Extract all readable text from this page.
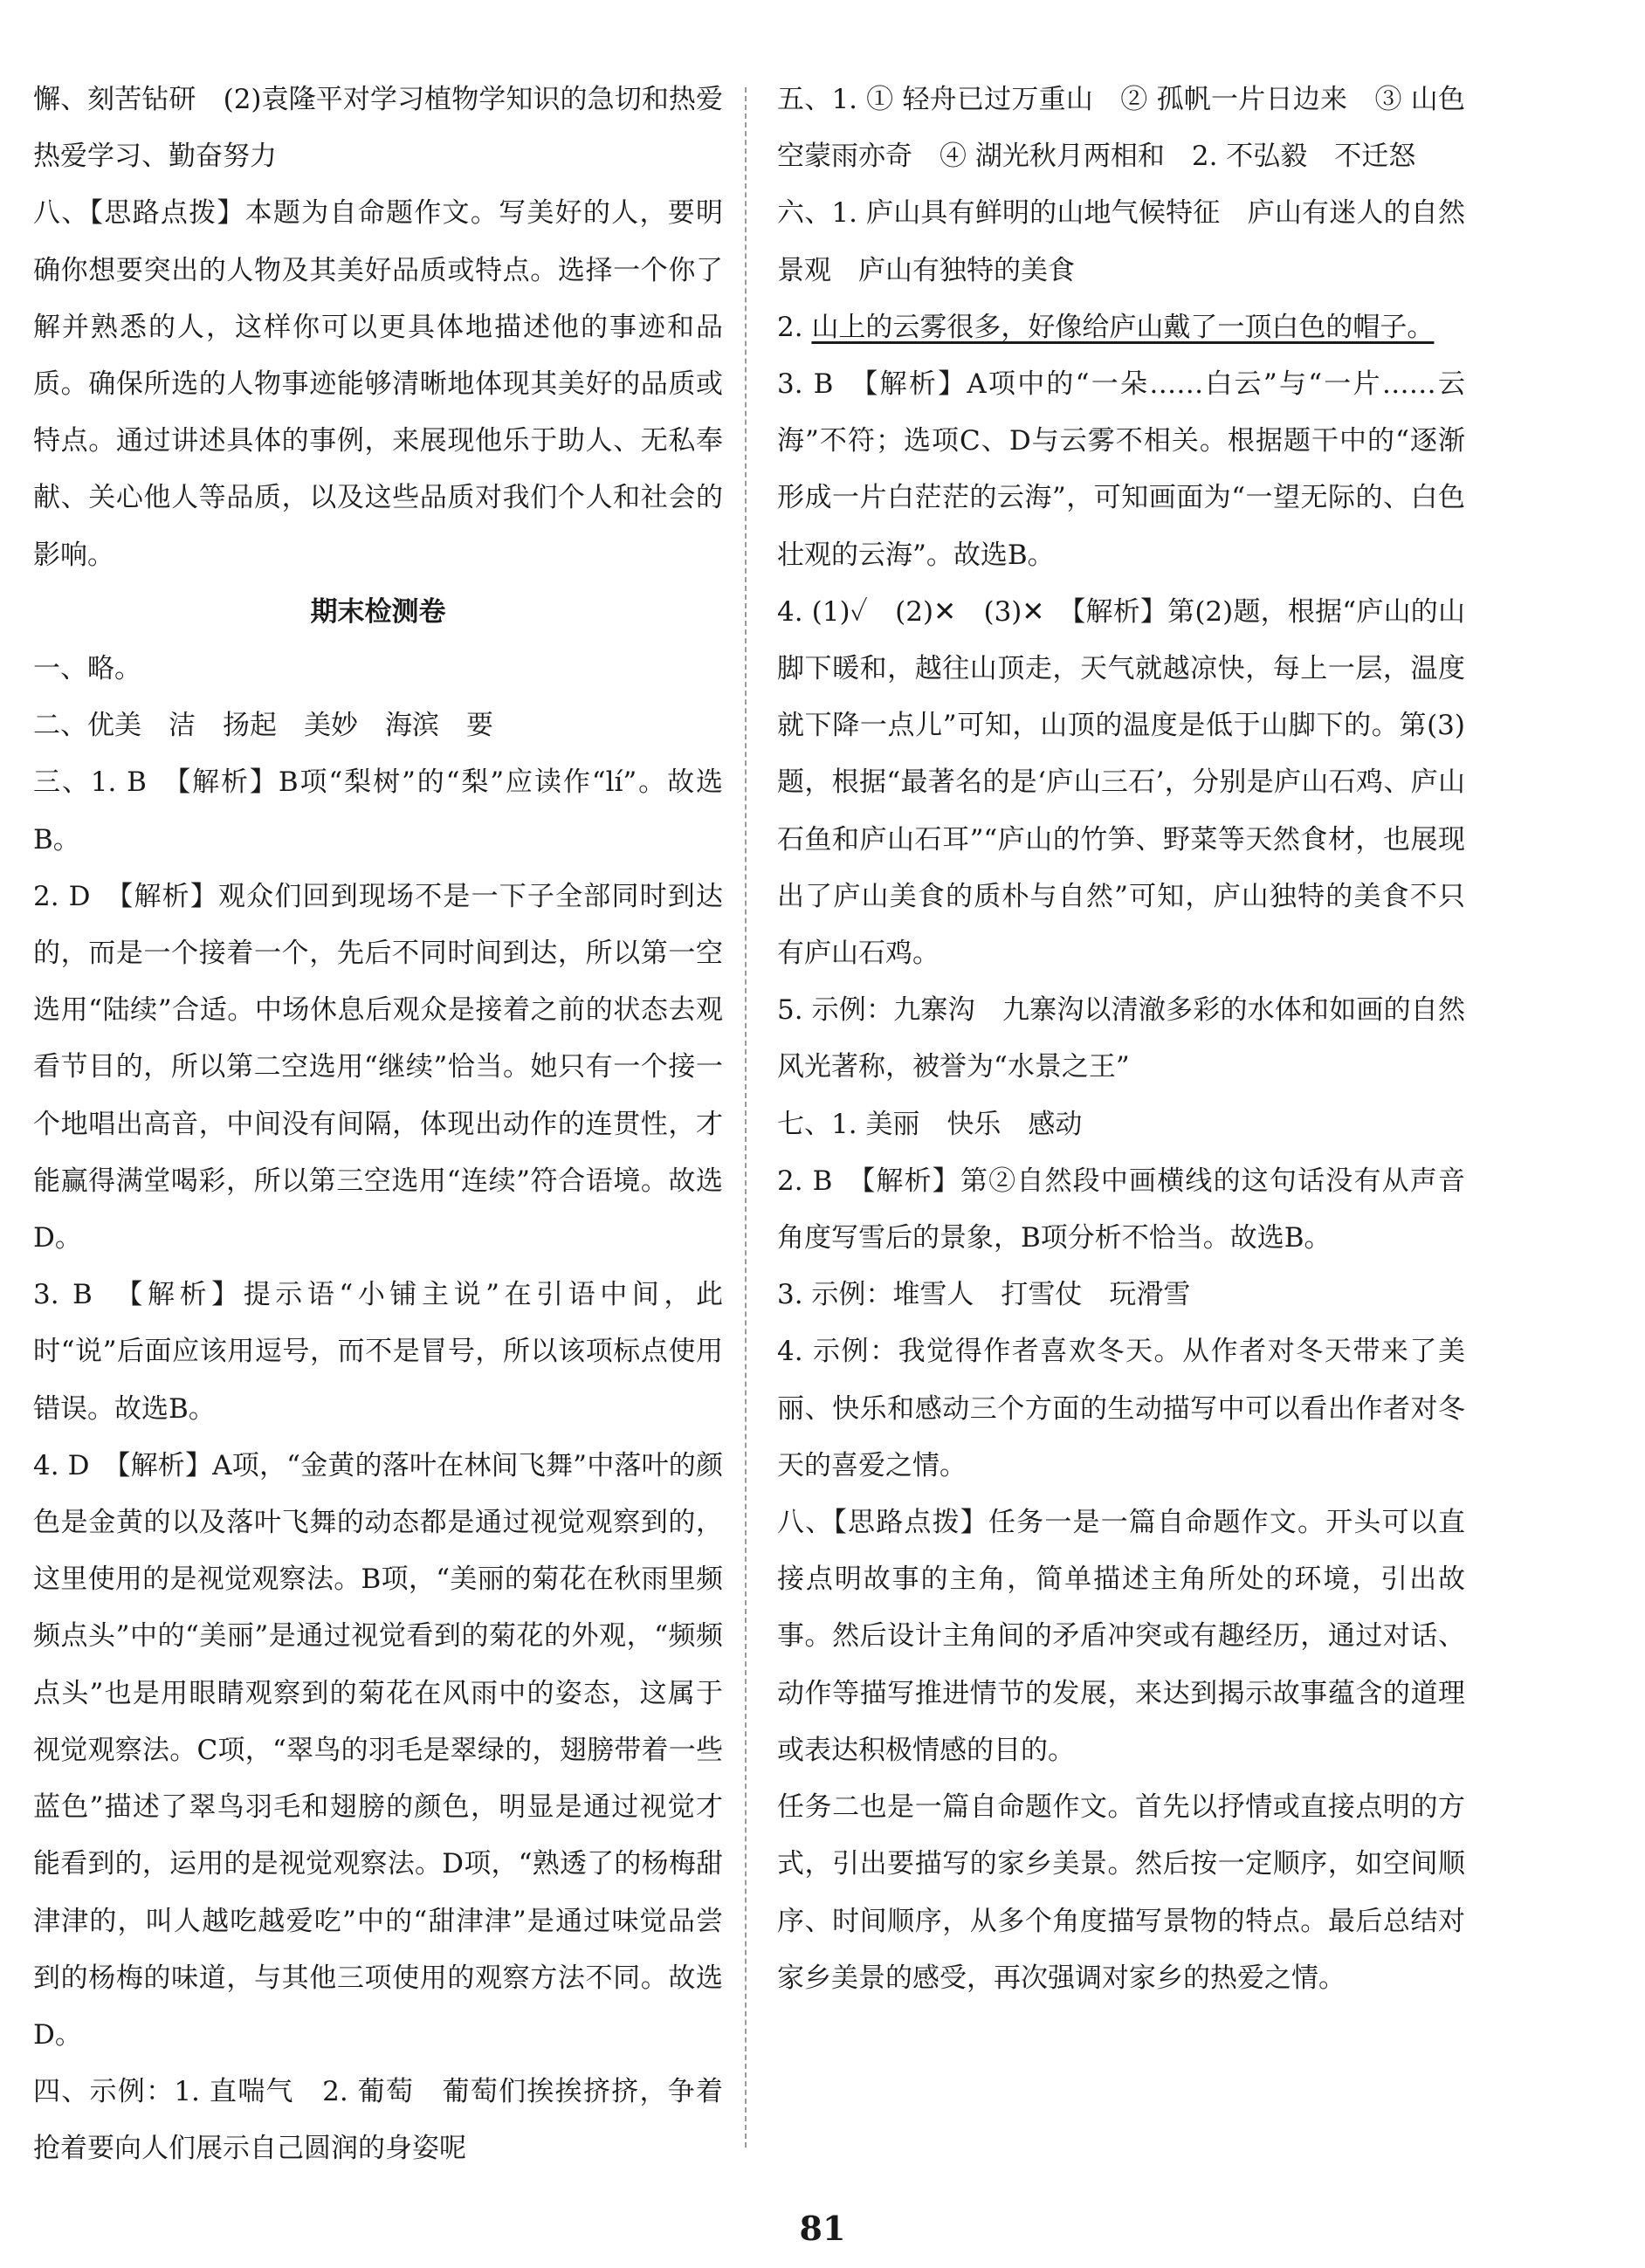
懈、刻苦钻研　(2)袁隆平对学习植物学知识的急切和热爱　热爱学习、勤奋努力

八、【思路点拨】本题为自命题作文。写美好的人，要明确你想要突出的人物及其美好品质或特点。选择一个你了解并熟悉的人，这样你可以更具体地描述他的事迹和品质。确保所选的人物事迹能够清晰地体现其美好的品质或特点。通过讲述具体的事例，来展现他乐于助人、无私奉献、关心他人等品质，以及这些品质对我们个人和社会的影响。

期末检测卷

一、略。

二、优美　洁　扬起　美妙　海滨　要

三、1. B　【解析】B项“梨树”的“梨”应读作“lí”。故选B。

2. D　【解析】观众们回到现场不是一下子全部同时到达的，而是一个接着一个，先后不同时间到达，所以第一空选用“陆续”合适。中场休息后观众是接着之前的状态去观看节目的，所以第二空选用“继续”恰当。她只有一个接一个地唱出高音，中间没有间隔，体现出动作的连贯性，才能赢得满堂喝彩，所以第三空选用“连续”符合语境。故选D。

3. B　【解析】提示语“小铺主说”在引语中间，此时“说”后面应该用逗号，而不是冒号，所以该项标点使用错误。故选B。

4. D　【解析】A项，“金黄的落叶在林间飞舞”中落叶的颜色是金黄的以及落叶飞舞的动态都是通过视觉观察到的，这里使用的是视觉观察法。B项，“美丽的菊花在秋雨里频频点头”中的“美丽”是通过视觉看到的菊花的外观，“频频点头”也是用眼睛观察到的菊花在风雨中的姿态，这属于视觉观察法。C项，“翠鸟的羽毛是翠绿的，翅膀带着一些蓝色”描述了翠鸟羽毛和翅膀的颜色，明显是通过视觉才能看到的，运用的是视觉观察法。D项，“熟透了的杨梅甜津津的，叫人越吃越爱吃”中的“甜津津”是通过味觉品尝到的杨梅的味道，与其他三项使用的观察方法不同。故选D。

四、示例：1. 直喘气　2. 葡萄　葡萄们挨挨挤挤，争着抢着要向人们展示自己圆润的身姿呢

五、1. ① 轻舟已过万重山　② 孤帆一片日边来　③ 山色空蒙雨亦奇　④ 湖光秋月两相和　2. 不弘毅　不迁怒

六、1. 庐山具有鲜明的山地气候特征　庐山有迷人的自然景观　庐山有独特的美食

2. 山上的云雾很多，好像给庐山戴了一顶白色的帽子。

3. B　【解析】A项中的“一朵……白云”与“一片……云海”不符；选项C、D与云雾不相关。根据题干中的“逐渐形成一片白茫茫的云海”，可知画面为“一望无际的、白色壮观的云海”。故选B。

4. (1)✓　(2)✕　(3)✕　【解析】第(2)题，根据“庐山的山脚下暖和，越往山顶走，天气就越凉快，每上一层，温度就下降一点儿”可知，山顶的温度是低于山脚下的。第(3)题，根据“最著名的是‘庐山三石’，分别是庐山石鸡、庐山石鱼和庐山石耳”“庐山的竹笋、野菜等天然食材，也展现出了庐山美食的质朴与自然”可知，庐山独特的美食不只有庐山石鸡。

5. 示例：九寨沟　九寨沟以清澈多彩的水体和如画的自然风光著称，被誉为“水景之王”

七、1. 美丽　快乐　感动

2. B　【解析】第②自然段中画横线的这句话没有从声音角度写雪后的景象，B项分析不恰当。故选B。

3. 示例：堆雪人　打雪仗　玩滑雪

4. 示例：我觉得作者喜欢冬天。从作者对冬天带来了美丽、快乐和感动三个方面的生动描写中可以看出作者对冬天的喜爱之情。

八、【思路点拨】任务一是一篇自命题作文。开头可以直接点明故事的主角，简单描述主角所处的环境，引出故事。然后设计主角间的矛盾冲突或有趣经历，通过对话、动作等描写推进情节的发展，来达到揭示故事蕴含的道理或表达积极情感的目的。

任务二也是一篇自命题作文。首先以抒情或直接点明的方式，引出要描写的家乡美景。然后按一定顺序，如空间顺序、时间顺序，从多个角度描写景物的特点。最后总结对家乡美景的感受，再次强调对家乡的热爱之情。

81
